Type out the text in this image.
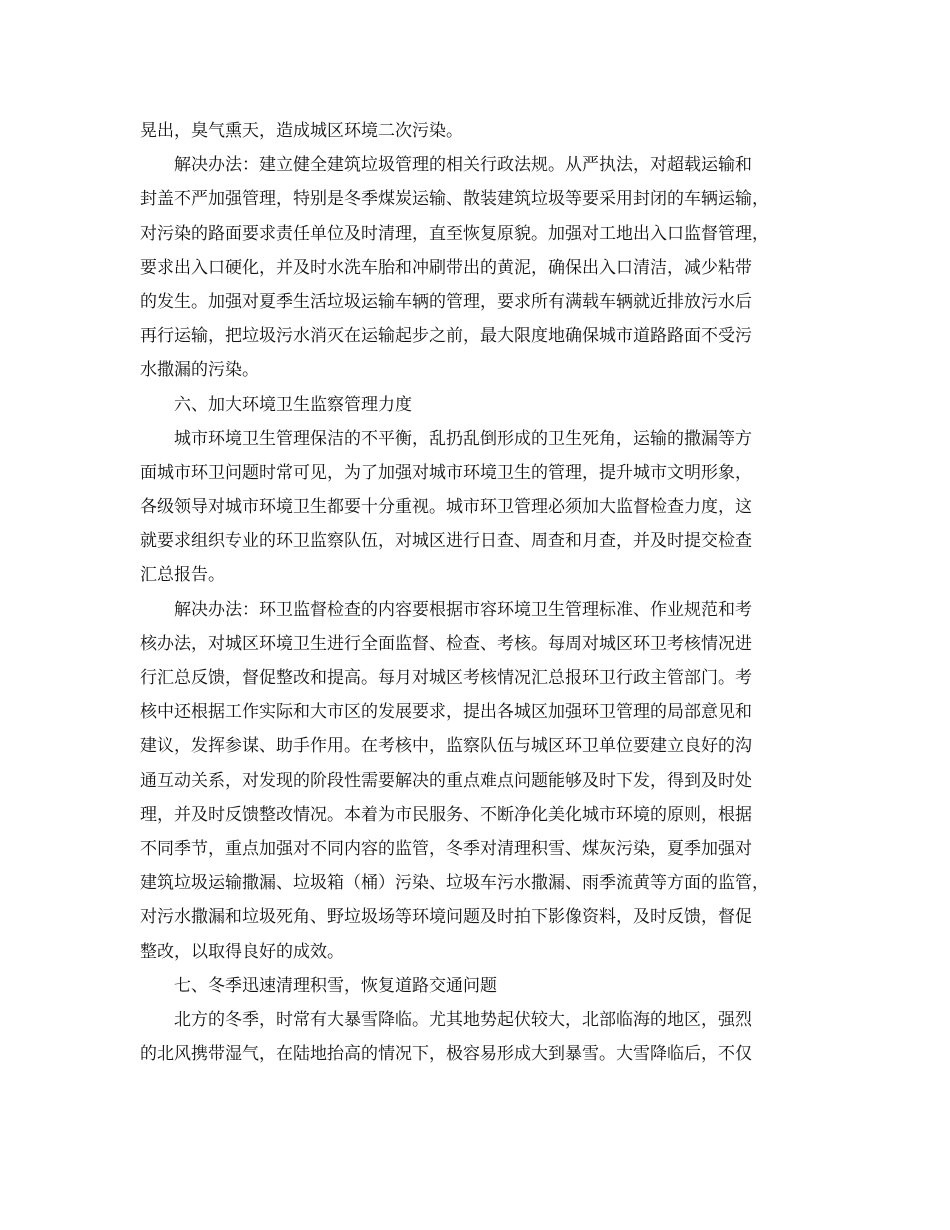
晃出，臭气熏天，造成城区环境二次污染。
解决办法：建立健全建筑垃圾管理的相关行政法规。从严执法，对超载运输和
封盖不严加强管理，特别是冬季煤炭运输、散装建筑垃圾等要采用封闭的车辆运输，
对污染的路面要求责任单位及时清理，直至恢复原貌。加强对工地出入口监督管理，
要求出入口硬化，并及时水洗车胎和冲刷带出的黄泥，确保出入口清洁，减少粘带
的发生。加强对夏季生活垃圾运输车辆的管理，要求所有满载车辆就近排放污水后
再行运输，把垃圾污水消灭在运输起步之前，最大限度地确保城市道路路面不受污
水撒漏的污染。
六、加大环境卫生监察管理力度
城市环境卫生管理保洁的不平衡，乱扔乱倒形成的卫生死角，运输的撒漏等方
面城市环卫问题时常可见，为了加强对城市环境卫生的管理，提升城市文明形象，
各级领导对城市环境卫生都要十分重视。城市环卫管理必须加大监督检查力度，这
就要求组织专业的环卫监察队伍，对城区进行日查、周查和月查，并及时提交检查
汇总报告。
解决办法：环卫监督检查的内容要根据市容环境卫生管理标准、作业规范和考
核办法，对城区环境卫生进行全面监督、检查、考核。每周对城区环卫考核情况进
行汇总反馈，督促整改和提高。每月对城区考核情况汇总报环卫行政主管部门。考
核中还根据工作实际和大市区的发展要求，提出各城区加强环卫管理的局部意见和
建议，发挥参谋、助手作用。在考核中，监察队伍与城区环卫单位要建立良好的沟
通互动关系，对发现的阶段性需要解决的重点难点问题能够及时下发，得到及时处
理，并及时反馈整改情况。本着为市民服务、不断净化美化城市环境的原则，根据
不同季节，重点加强对不同内容的监管，冬季对清理积雪、煤灰污染，夏季加强对
建筑垃圾运输撒漏、垃圾箱（桶）污染、垃圾车污水撒漏、雨季流黄等方面的监管，
对污水撒漏和垃圾死角、野垃圾场等环境问题及时拍下影像资料，及时反馈，督促
整改，以取得良好的成效。
七、冬季迅速清理积雪，恢复道路交通问题
北方的冬季，时常有大暴雪降临。尤其地势起伏较大，北部临海的地区，强烈
的北风携带湿气，在陆地抬高的情况下，极容易形成大到暴雪。大雪降临后，不仅
